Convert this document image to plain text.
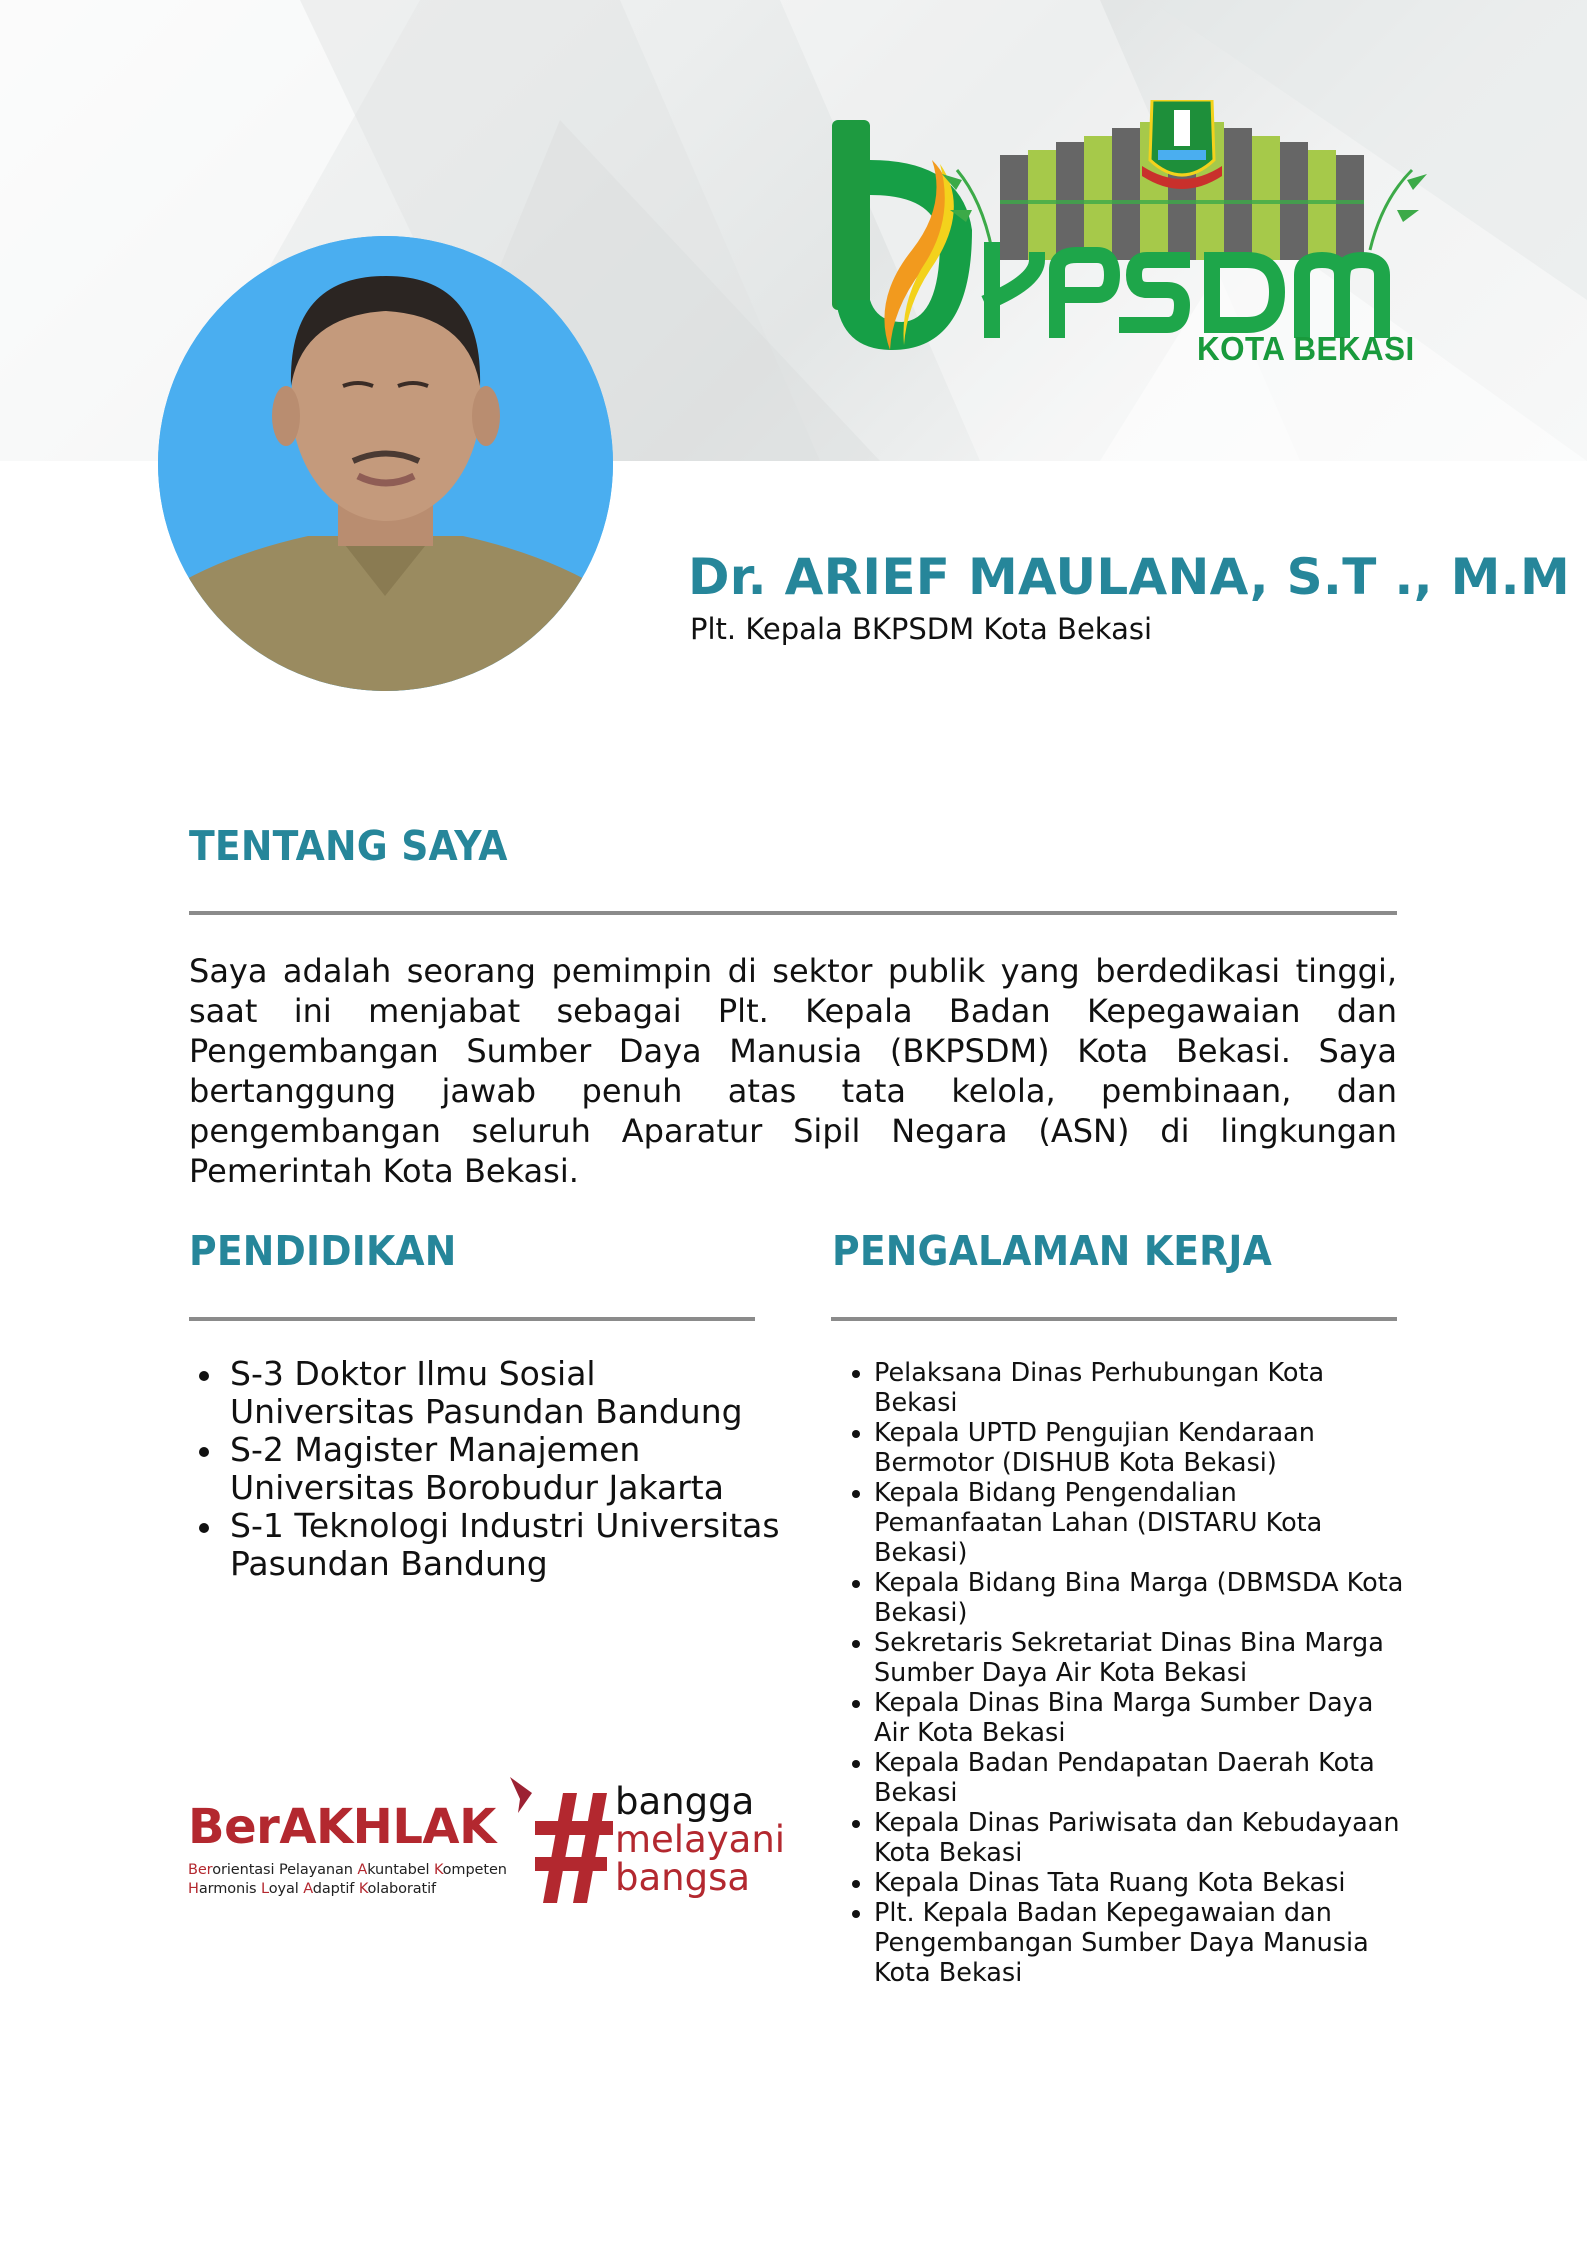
KOTA BEKASI
Dr. ARIEF MAULANA, S.T ., M.M
Plt. Kepala BKPSDM Kota Bekasi
TENTANG SAYA

Saya adalah seorang pemimpin di sektor publik yang berdedikasi tinggi, saat ini menjabat sebagai Plt. Kepala Badan Kepegawaian dan Pengembangan Sumber Daya Manusia (BKPSDM) Kota Bekasi. Saya bertanggung jawab penuh atas tata kelola, pembinaan, dan pengembangan seluruh Aparatur Sipil Negara (ASN) di lingkungan Pemerintah Kota Bekasi.

PENDIDIKAN
S-3 Doktor Ilmu Sosial Universitas Pasundan Bandung
S-2 Magister Manajemen Universitas Borobudur Jakarta
S-1 Teknologi Industri Universitas Pasundan Bandung
PENGALAMAN KERJA
Pelaksana Dinas Perhubungan Kota Bekasi
Kepala UPTD Pengujian Kendaraan Bermotor (DISHUB Kota Bekasi)
Kepala Bidang Pengendalian Pemanfaatan Lahan (DISTARU Kota Bekasi)
Kepala Bidang Bina Marga (DBMSDA Kota Bekasi)
Sekretaris Sekretariat Dinas Bina Marga Sumber Daya Air Kota Bekasi
Kepala Dinas Bina Marga Sumber Daya Air Kota Bekasi
Kepala Badan Pendapatan Daerah Kota Bekasi
Kepala Dinas Pariwisata dan Kebudayaan Kota Bekasi
Kepala Dinas Tata Ruang Kota Bekasi
Plt. Kepala Badan Kepegawaian dan Pengembangan Sumber Daya Manusia Kota Bekasi
BerAKHLAK
Berorientasi Pelayanan Akuntabel Kompeten
Harmonis Loyal Adaptif Kolaboratif
bangga
melayani
bangsa
